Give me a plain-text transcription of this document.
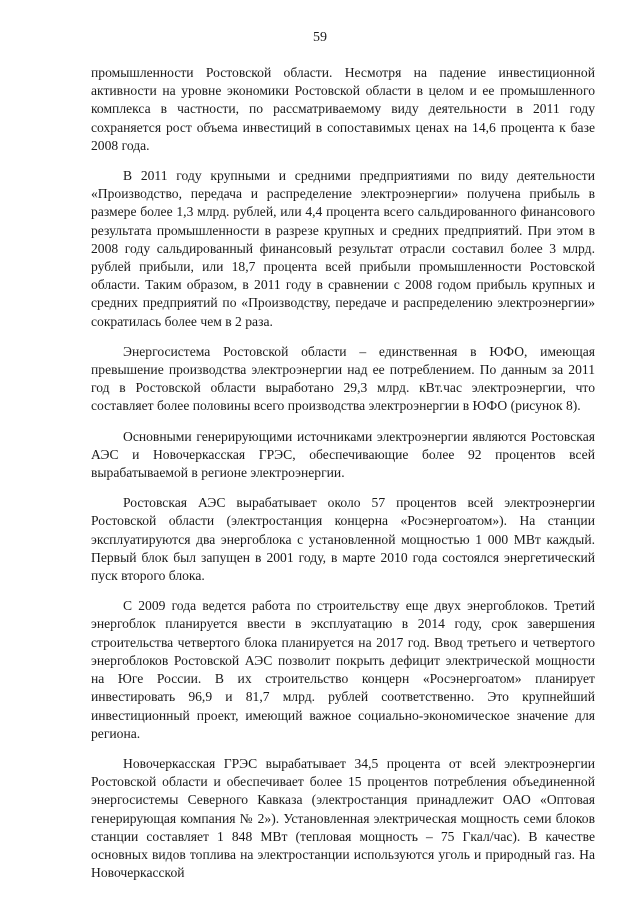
59

промышленности Ростовской области. Несмотря на падение инвестиционной активности на уровне экономики Ростовской области в целом и ее промышленного комплекса в частности, по рассматриваемому виду деятельности в 2011 году сохраняется рост объема инвестиций в сопоставимых ценах на 14,6 процента к базе 2008 года.

В 2011 году крупными и средними предприятиями по виду деятельности «Производство, передача и распределение электроэнергии» получена прибыль в размере более 1,3 млрд. рублей, или 4,4 процента всего сальдированного финансового результата промышленности в разрезе крупных и средних предприятий. При этом в 2008 году сальдированный финансовый результат отрасли составил более 3 млрд. рублей прибыли, или 18,7 процента всей прибыли промышленности Ростовской области. Таким образом, в 2011 году в сравнении с 2008 годом прибыль крупных и средних предприятий по «Производству, передаче и распределению электроэнергии» сократилась более чем в 2 раза.

Энергосистема Ростовской области – единственная в ЮФО, имеющая превышение производства электроэнергии над ее потреблением. По данным за 2011 год в Ростовской области выработано 29,3 млрд. кВт.час электроэнергии, что составляет более половины всего производства электроэнергии в ЮФО (рисунок 8).

Основными генерирующими источниками электроэнергии являются Ростовская АЭС и Новочеркасская ГРЭС, обеспечивающие более 92 процентов всей вырабатываемой в регионе электроэнергии.

Ростовская АЭС вырабатывает около 57 процентов всей электроэнергии Ростовской области (электростанция концерна «Росэнергоатом»). На станции эксплуатируются два энергоблока с установленной мощностью 1 000 МВт каждый. Первый блок был запущен в 2001 году, в марте 2010 года состоялся энергетический пуск второго блока.

С 2009 года ведется работа по строительству еще двух энергоблоков. Третий энергоблок планируется ввести в эксплуатацию в 2014 году, срок завершения строительства четвертого блока планируется на 2017 год. Ввод третьего и четвертого энергоблоков Ростовской АЭС позволит покрыть дефицит электрической мощности на Юге России. В их строительство концерн «Росэнергоатом» планирует инвестировать 96,9 и 81,7 млрд. рублей соответственно. Это крупнейший инвестиционный проект, имеющий важное социально-экономическое значение для региона.

Новочеркасская ГРЭС вырабатывает 34,5 процента от всей электроэнергии Ростовской области и обеспечивает более 15 процентов потребления объединенной энергосистемы Северного Кавказа (электростанция принадлежит ОАО «Оптовая генерирующая компания № 2»). Установленная электрическая мощность семи блоков станции составляет 1 848 МВт (тепловая мощность – 75 Гкал/час). В качестве основных видов топлива на электростанции используются уголь и природный газ. На Новочеркасской
